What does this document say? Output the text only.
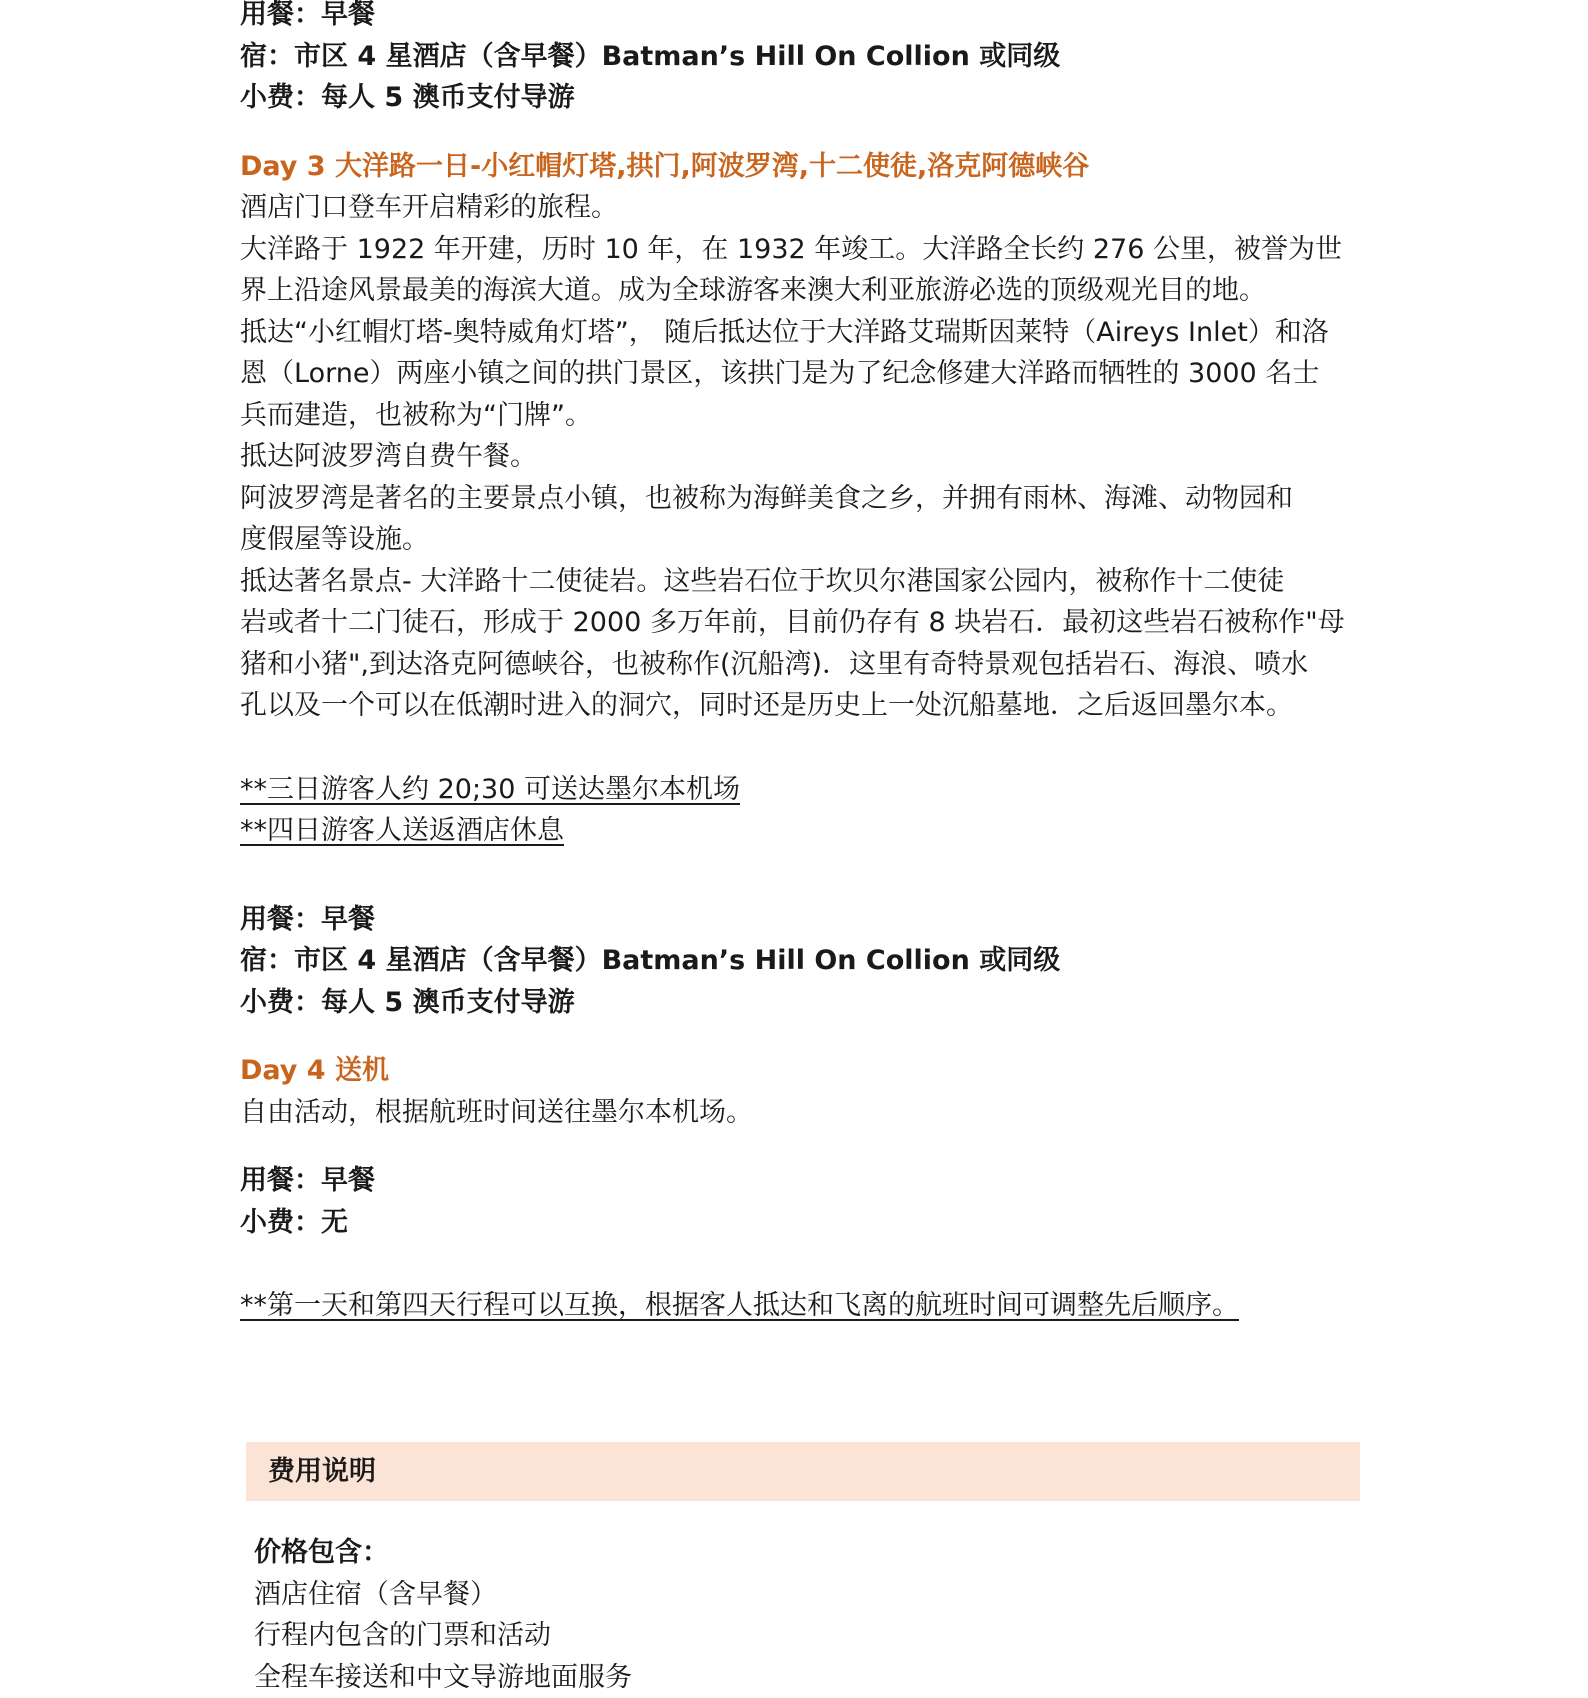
用餐：早餐
宿：市区 4 星酒店（含早餐）Batman’s Hill On Collion 或同级
小费：每人 5 澳币支付导游
Day 3 大洋路一日-小红帽灯塔,拱门,阿波罗湾,十二使徒,洛克阿德峡谷
酒店门口登车开启精彩的旅程。
大洋路于 1922 年开建，历时 10 年，在 1932 年竣工。大洋路全长约 276 公里，被誉为世
界上沿途风景最美的海滨大道。成为全球游客来澳大利亚旅游必选的顶级观光目的地。
抵达“小红帽灯塔-奥特威角灯塔”， 随后抵达位于大洋路艾瑞斯因莱特（Aireys Inlet）和洛
恩（Lorne）两座小镇之间的拱门景区，该拱门是为了纪念修建大洋路而牺牲的 3000 名士
兵而建造，也被称为“门牌”。
抵达阿波罗湾自费午餐。
阿波罗湾是著名的主要景点小镇，也被称为海鲜美食之乡，并拥有雨林、海滩、动物园和
度假屋等设施。
抵达著名景点- 大洋路十二使徒岩。这些岩石位于坎贝尔港国家公园内，被称作十二使徒
岩或者十二门徒石，形成于 2000 多万年前，目前仍存有 8 块岩石．最初这些岩石被称作"母
猪和小猪",到达洛克阿德峡谷，也被称作(沉船湾)．这里有奇特景观包括岩石、海浪、喷水
孔以及一个可以在低潮时进入的洞穴，同时还是历史上一处沉船墓地．之后返回墨尔本。
**三日游客人约 20;30 可送达墨尔本机场
**四日游客人送返酒店休息
用餐：早餐
宿：市区 4 星酒店（含早餐）Batman’s Hill On Collion 或同级
小费：每人 5 澳币支付导游
Day 4 送机
自由活动，根据航班时间送往墨尔本机场。
用餐：早餐
小费：无
**第一天和第四天行程可以互换，根据客人抵达和飞离的航班时间可调整先后顺序。
费用说明
价格包含：
酒店住宿（含早餐）
行程内包含的门票和活动
全程车接送和中文导游地面服务
